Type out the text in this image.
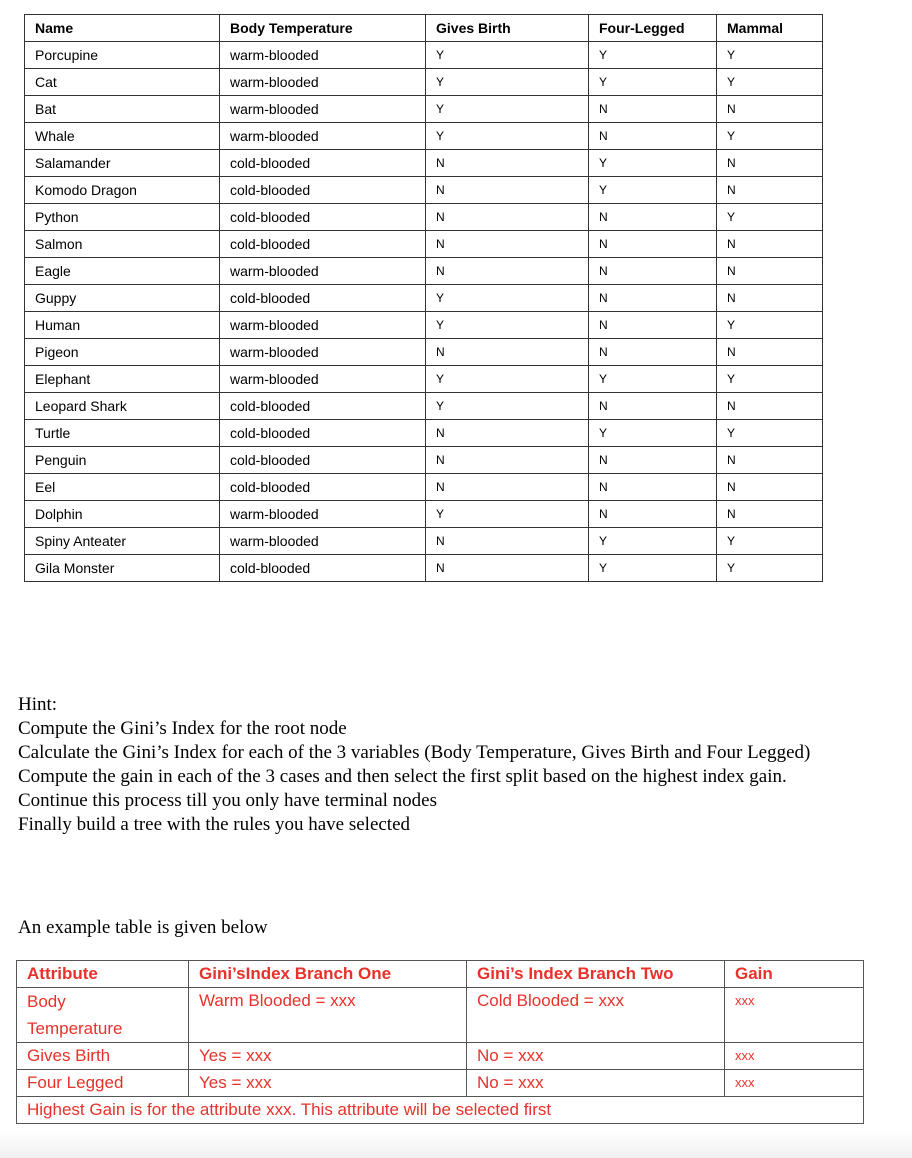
Name	Body Temperature	Gives Birth	Four-Legged	Mammal
Porcupine	warm-blooded	Y	Y	Y
Cat	warm-blooded	Y	Y	Y
Bat	warm-blooded	Y	N	N
Whale	warm-blooded	Y	N	Y
Salamander	cold-blooded	N	Y	N
Komodo Dragon	cold-blooded	N	Y	N
Python	cold-blooded	N	N	Y
Salmon	cold-blooded	N	N	N
Eagle	warm-blooded	N	N	N
Guppy	cold-blooded	Y	N	N
Human	warm-blooded	Y	N	Y
Pigeon	warm-blooded	N	N	N
Elephant	warm-blooded	Y	Y	Y
Leopard Shark	cold-blooded	Y	N	N
Turtle	cold-blooded	N	Y	Y
Penguin	cold-blooded	N	N	N
Eel	cold-blooded	N	N	N
Dolphin	warm-blooded	Y	N	N
Spiny Anteater	warm-blooded	N	Y	Y
Gila Monster	cold-blooded	N	Y	Y
Hint:
Compute the Gini’s Index for the root node
Calculate the Gini’s Index for each of the 3 variables (Body Temperature, Gives Birth and Four Legged)
Compute the gain in each of the 3 cases and then select the first split based on the highest index gain.
Continue this process till you only have terminal nodes
Finally build a tree with the rules you have selected
An example table is given below
Attribute	Gini’sIndex Branch One	Gini’s Index Branch Two	Gain

Body
Temperature	Warm Blooded = xxx	Cold Blooded = xxx	xxx
Gives Birth	Yes = xxx	No = xxx	xxx
Four Legged	Yes = xxx	No = xxx	xxx
Highest Gain is for the attribute xxx. This attribute will be selected first			
